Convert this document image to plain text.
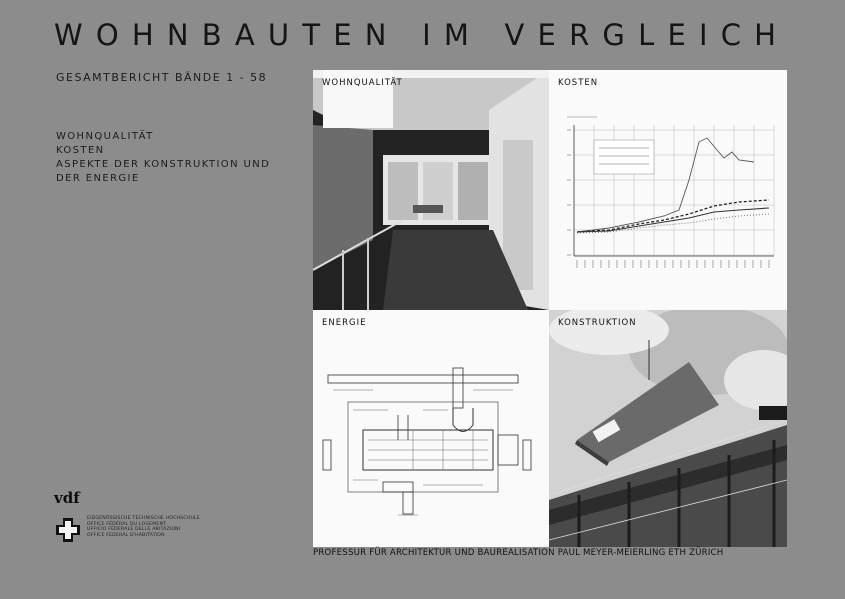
WOHNBAUTEN IM VERGLEICH
GESAMTBERICHT BÄNDE 1 - 58
WOHNQUALITÄT
KOSTEN
ASPEKTE DER KONSTRUKTION UND
DER ENERGIE
WOHNQUALITÄT	KOSTEN
ENERGIE	KONSTRUKTION
PROFESSUR FÜR ARCHITEKTUR UND BAUREALISATION PAUL MEYER-MEIERLING ETH ZÜRICH
vdf
EIDGENÖSSISCHE TECHNISCHE HOCHSCHULE
OFFICE FÉDÉRAL DU LOGEMENT
UFFICIO FEDERALE DELLE ABITAZIONI
OFFICE FEDERAL D'HABITATION
